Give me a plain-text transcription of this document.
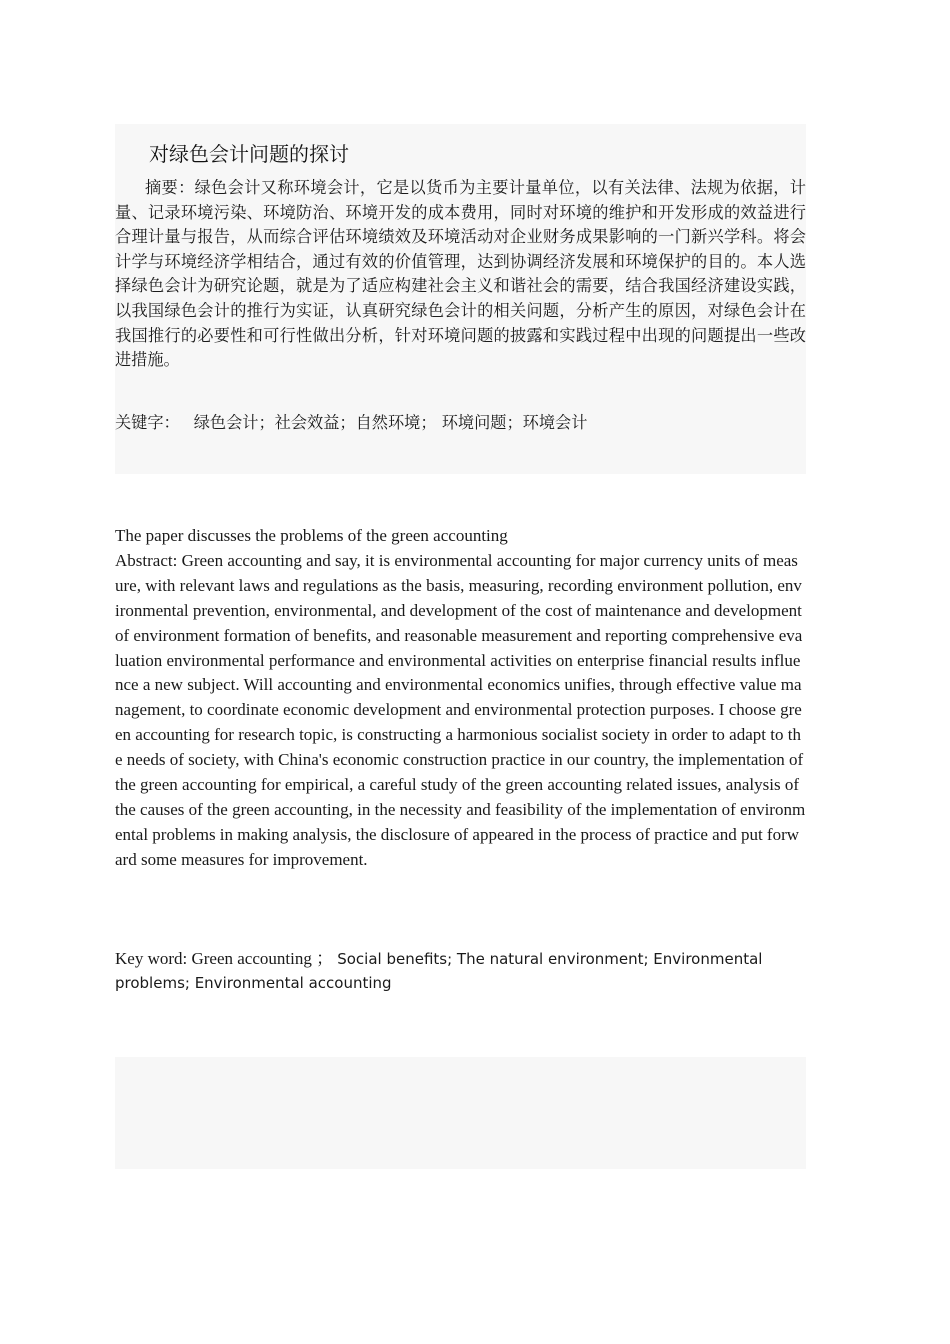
对绿色会计问题的探讨

摘要：绿色会计又称环境会计，它是以货币为主要计量单位，以有关法律、法规为依据，计量、记录环境污染、环境防治、环境开发的成本费用，同时对环境的维护和开发形成的效益进行合理计量与报告，从而综合评估环境绩效及环境活动对企业财务成果影响的一门新兴学科。将会计学与环境经济学相结合，通过有效的价值管理，达到协调经济发展和环境保护的目的。本人选择绿色会计为研究论题，就是为了适应构建社会主义和谐社会的需要，结合我国经济建设实践，以我国绿色会计的推行为实证，认真研究绿色会计的相关问题，分析产生的原因，对绿色会计在我国推行的必要性和可行性做出分析，针对环境问题的披露和实践过程中出现的问题提出一些改进措施。

关键字： 绿色会计；社会效益；自然环境； 环境问题；环境会计

The paper discusses the problems of the green accounting

Abstract: Green accounting and say, it is environmental accounting for major currency units of measure, with relevant laws and regulations as the basis, measuring, recording environment pollution, environmental prevention, environmental, and development of the cost of maintenance and development of environment formation of benefits, and reasonable measurement and reporting comprehensive evaluation environmental performance and environmental activities on enterprise financial results influence a new subject. Will accounting and environmental economics unifies, through effective value management, to coordinate economic development and environmental protection purposes. I choose green accounting for research topic, is constructing a harmonious socialist society in order to adapt to the needs of society, with China's economic construction practice in our country, the implementation of the green accounting for empirical, a careful study of the green accounting related issues, analysis of the causes of the green accounting, in the necessity and feasibility of the implementation of environmental problems in making analysis, the disclosure of appeared in the process of practice and put forward some measures for improvement.

Key word: Green accounting ； Social benefits; The natural environment; Environmental problems; Environmental accounting
